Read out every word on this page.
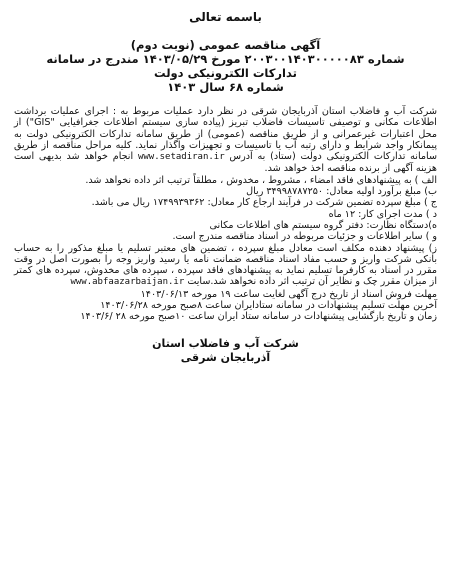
باسمه تعالی
آگهی مناقصه عمومی (نوبت دوم)
شماره ۲۰۰۳۰۰۱۴۰۳۰۰۰۰۰۸۳ مورخ ۱۴۰۳/۰۵/۲۹ مندرج در سامانه
تدارکات الکترونیکی دولت
شماره ۶۸ سال ۱۴۰۳

شرکت آب و فاضلاب استان آذربایجان شرقی در نظر دارد عملیات مربوط به : اجرای عملیات برداشت اطلاعات مکانی و توصیفی تاسیسات فاضلاب تبریز (پیاده سازی سیستم اطلاعات جغرافیایی "GIS") از محل اعتبارات غیرعمرانی و از طریق مناقصه (عمومی) از طریق سامانه تدارکات الکترونیکی دولت به پیمانکار واجد شرایط و دارای رتبه آب یا تاسیسات و تجهیزات واگذار نماید. کلیه مراحل مناقصه از طریق سامانه تدارکات الکترونیکی دولت (ستاد) به آدرس www.setadiran.ir انجام خواهد شد بدیهی است هزینه آگهی از برنده مناقصه اخذ خواهد شد.

الف ) به پیشنهادهای فاقد امضاء ، مشروط ، مخدوش ، مطلقاً ترتیب اثر داده نخواهد شد.

ب) مبلغ برآورد اولیه معادل: ۳۴۹۹۸۷۸۷۲۵۰ ریال

ج ) مبلغ سپرده تضمین شرکت در فرآیند ارجاع کار معادل: ۱۷۴۹۹۳۹۳۶۲ ریال می باشد.

د ) مدت اجرای کار: ۱۲ ماه

ه)دستگاه نظارت: دفتر گروه سیستم های اطلاعات مکانی

و ) سایر اطلاعات و جزئیات مربوطه در اسناد مناقصه مندرج است.

ز) پیشنهاد دهنده مکلف است معادل مبلغ سپرده ، تضمین های معتبر تسلیم یا مبلغ مذکور را به حساب بانکی شرکت واریز و حسب مفاد اسناد مناقصه ضمانت نامه یا رسید واریز وجه را بصورت اصل در وقت مقرر در اسناد به کارفرما تسلیم نماید به پیشنهادهای فاقد سپرده ، سپرده های مخدوش، سپرده های کمتر از میزان مقرر چک و نظایر آن ترتیب اثر داده نخواهد شد.سایت www.abfaazarbaijan.ir

مهلت فروش اسناد از تاریخ درج آگهی لغایت ساعت ۱۹ مورخه ۱۴۰۳/۰۶/۱۳

آخرین مهلت تسلیم پیشنهادات در سامانه ستادایران ساعت ۸صبح مورخه ۱۴۰۳/۰۶/۲۸

زمان و تاریخ بازگشایی پیشنهادات در سامانه ستاد ایران ساعت ۱۰صبح مورخه ۲۸ /۱۴۰۳/۶

شرکت آب و فاضلاب استان
آذربایجان شرقی
